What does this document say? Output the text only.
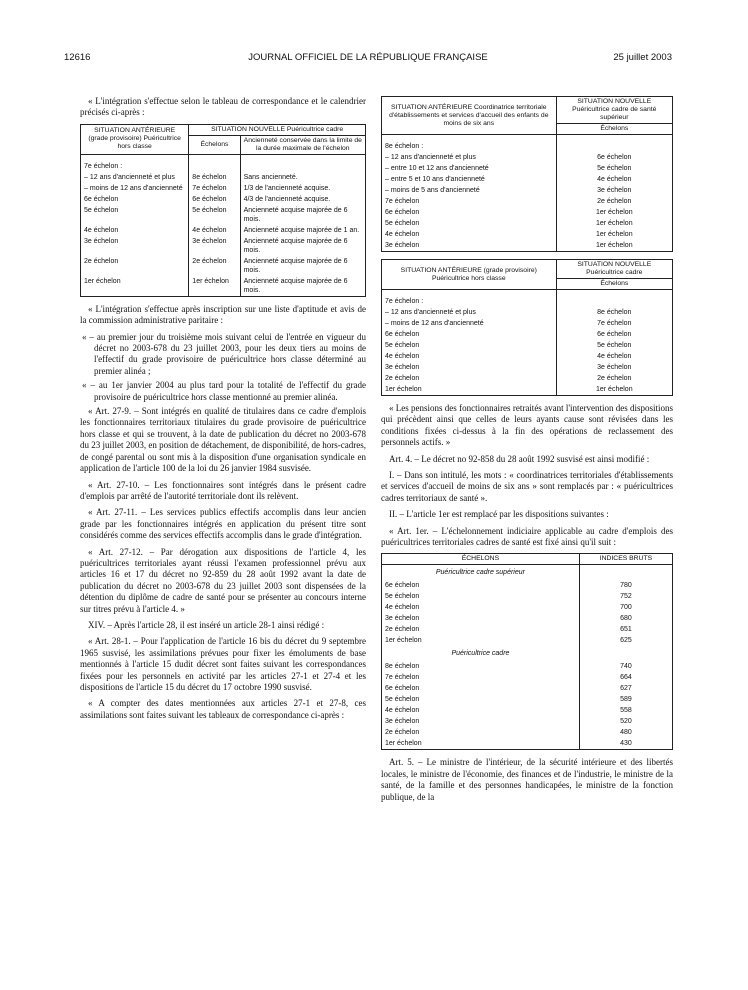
12616	JOURNAL OFFICIEL DE LA RÉPUBLIQUE FRANÇAISE	25 juillet 2003

« L'intégration s'effectue selon le tableau de correspondance et le calendrier précisés ci-après :

SITUATION ANTÉRIEURE (grade provisoire) Puéricultrice hors classe	SITUATION NOUVELLE Puéricultrice cadre	
	Échelons	Ancienneté conservée dans la limite de la durée maximale de l'échelon

7e échelon :		
– 12 ans d'ancienneté et plus	8e échelon	Sans ancienneté.
– moins de 12 ans d'ancienneté	7e échelon	1/3 de l'ancienneté acquise.
6e échelon	6e échelon	4/3 de l'ancienneté acquise.
5e échelon	5e échelon	Ancienneté acquise majorée de 6 mois.
4e échelon	4e échelon	Ancienneté acquise majorée de 1 an.
3e échelon	3e échelon	Ancienneté acquise majorée de 6 mois.
2e échelon	2e échelon	Ancienneté acquise majorée de 6 mois.
1er échelon	1er échelon	Ancienneté acquise majorée de 6 mois.

« L'intégration s'effectue après inscription sur une liste d'aptitude et avis de la commission administrative paritaire :

« – au premier jour du troisième mois suivant celui de l'entrée en vigueur du décret no 2003-678 du 23 juillet 2003, pour les deux tiers au moins de l'effectif du grade provisoire de puéricultrice hors classe déterminé au premier alinéa ;

« – au 1er janvier 2004 au plus tard pour la totalité de l'effectif du grade provisoire de puéricultrice hors classe mentionné au premier alinéa.

« Art. 27-9. – Sont intégrés en qualité de titulaires dans ce cadre d'emplois les fonctionnaires territoriaux titulaires du grade provisoire de puéricultrice hors classe et qui se trouvent, à la date de publication du décret no 2003-678 du 23 juillet 2003, en position de détachement, de disponibilité, de hors-cadres, de congé parental ou sont mis à la disposition d'une organisation syndicale en application de l'article 100 de la loi du 26 janvier 1984 susvisée.

« Art. 27-10. – Les fonctionnaires sont intégrés dans le présent cadre d'emplois par arrêté de l'autorité territoriale dont ils relèvent.

« Art. 27-11. – Les services publics effectifs accomplis dans leur ancien grade par les fonctionnaires intégrés en application du présent titre sont considérés comme des services effectifs accomplis dans le grade d'intégration.

« Art. 27-12. – Par dérogation aux dispositions de l'article 4, les puéricultrices territoriales ayant réussi l'examen professionnel prévu aux articles 16 et 17 du décret no 92-859 du 28 août 1992 avant la date de publication du décret no 2003-678 du 23 juillet 2003 sont dispensées de la détention du diplôme de cadre de santé pour se présenter au concours interne sur titres prévu à l'article 4. »

XIV. – Après l'article 28, il est inséré un article 28-1 ainsi rédigé :

« Art. 28-1. – Pour l'application de l'article 16 bis du décret du 9 septembre 1965 susvisé, les assimilations prévues pour fixer les émoluments de base mentionnés à l'article 15 dudit décret sont faites suivant les correspondances fixées pour les personnels en activité par les articles 27-1 et 27-4 et les dispositions de l'article 15 du décret du 17 octobre 1990 susvisé.

« A compter des dates mentionnées aux articles 27-1 et 27-8, ces assimilations sont faites suivant les tableaux de correspondance ci-après :

SITUATION ANTÉRIEURE Coordinatrice territoriale d'établissements et services d'accueil des enfants de moins de six ans	SITUATION NOUVELLE Puéricultrice cadre de santé supérieur
	Échelons

8e échelon :	
– 12 ans d'ancienneté et plus	6e échelon
– entre 10 et 12 ans d'ancienneté	5e échelon
– entre 5 et 10 ans d'ancienneté	4e échelon
– moins de 5 ans d'ancienneté	3e échelon
7e échelon	2e échelon
6e échelon	1er échelon
5e échelon	1er échelon
4e échelon	1er échelon
3e échelon	1er échelon
SITUATION ANTÉRIEURE (grade provisoire) Puéricultrice hors classe	SITUATION NOUVELLE Puéricultrice cadre
	Échelons

7e échelon :	
– 12 ans d'ancienneté et plus	8e échelon
– moins de 12 ans d'ancienneté	7e échelon
6e échelon	6e échelon
5e échelon	5e échelon
4e échelon	4e échelon
3e échelon	3e échelon
2e échelon	2e échelon
1er échelon	1er échelon

« Les pensions des fonctionnaires retraités avant l'intervention des dispositions qui précèdent ainsi que celles de leurs ayants cause sont révisées dans les conditions fixées ci-dessus à la fin des opérations de reclassement des personnels actifs. »

Art. 4. – Le décret no 92-858 du 28 août 1992 susvisé est ainsi modifié :

I. – Dans son intitulé, les mots : « coordinatrices territoriales d'établissements et services d'accueil de moins de six ans » sont remplacés par : « puéricultrices cadres territoriaux de santé ».

II. – L'article 1er est remplacé par les dispositions suivantes :

« Art. 1er. – L'échelonnement indiciaire applicable au cadre d'emplois des puéricultrices territoriales cadres de santé est fixé ainsi qu'il suit :

ÉCHELONS	INDICES BRUTS
Puéricultrice cadre supérieur	
6e échelon	780
5e échelon	752
4e échelon	700
3e échelon	680
2e échelon	651
1er échelon	625
Puéricultrice cadre	
8e échelon	740
7e échelon	664
6e échelon	627
5e échelon	589
4e échelon	558
3e échelon	520
2e échelon	480
1er échelon	430

Art. 5. – Le ministre de l'intérieur, de la sécurité intérieure et des libertés locales, le ministre de l'économie, des finances et de l'industrie, le ministre de la santé, de la famille et des personnes handicapées, le ministre de la fonction publique, de la
